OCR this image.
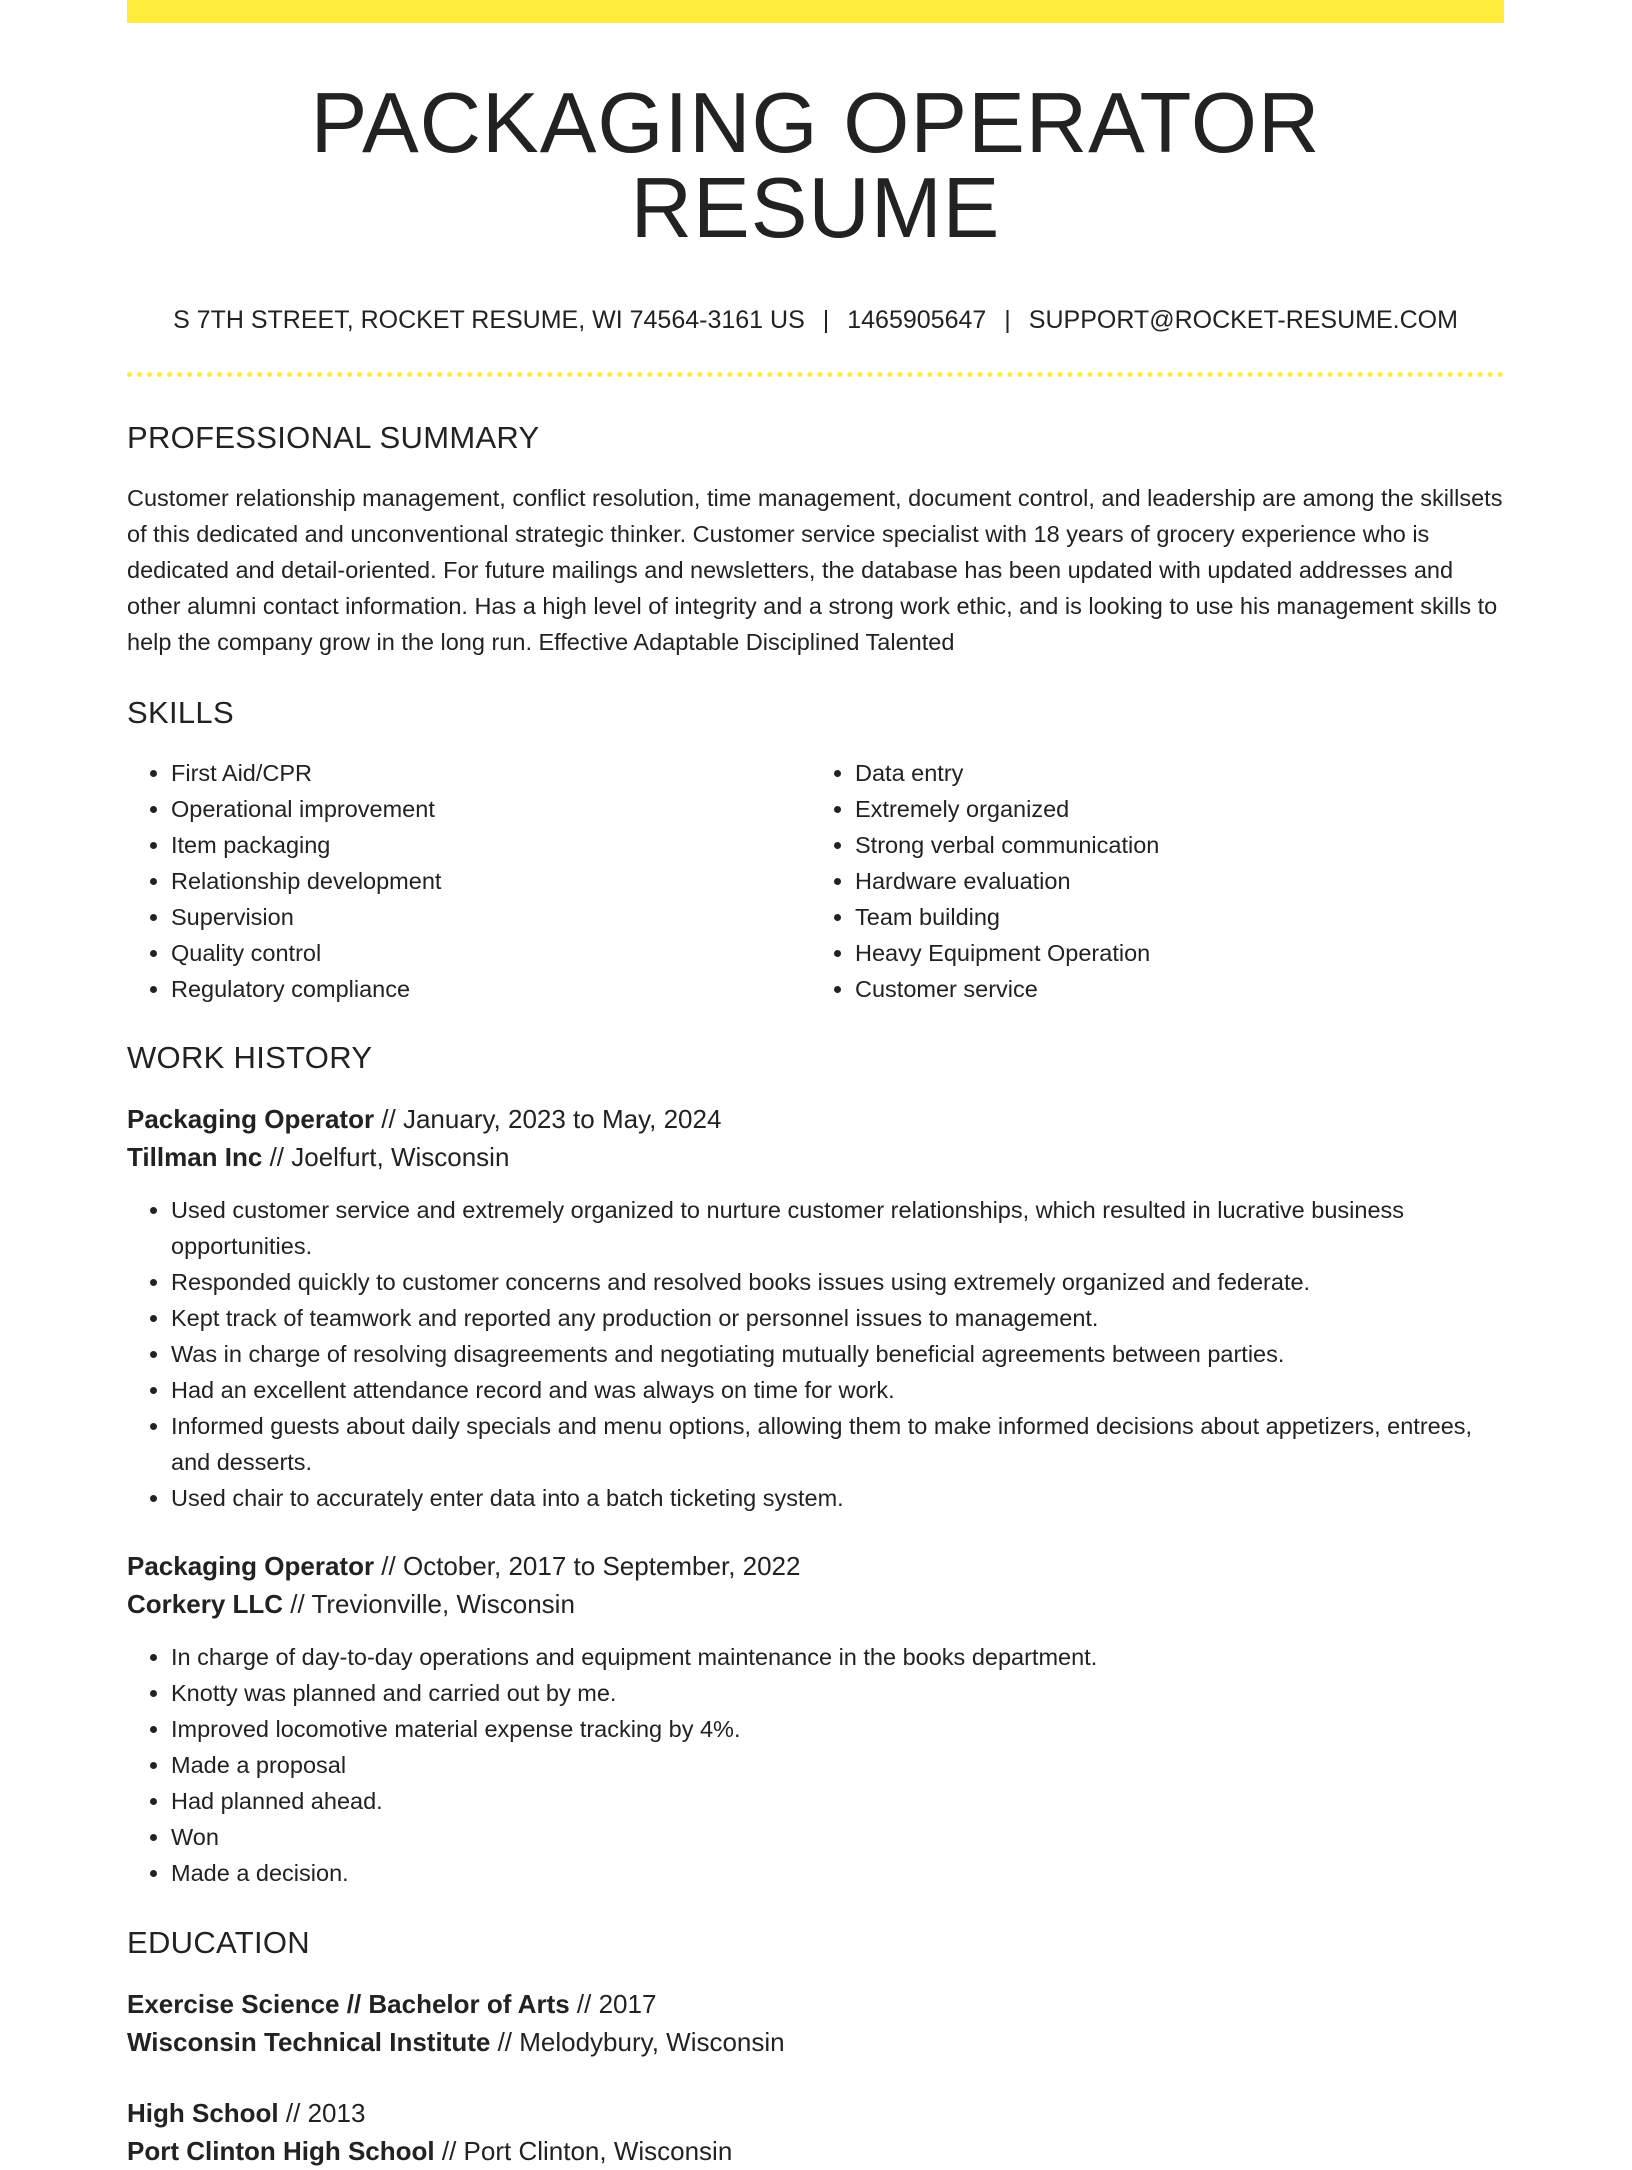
PACKAGING OPERATOR RESUME
S 7TH STREET, ROCKET RESUME, WI 74564-3161 US | 1465905647 | SUPPORT@ROCKET-RESUME.COM
PROFESSIONAL SUMMARY

Customer relationship management, conflict resolution, time management, document control, and leadership are among the skillsets of this dedicated and unconventional strategic thinker. Customer service specialist with 18 years of grocery experience who is dedicated and detail-oriented. For future mailings and newsletters, the database has been updated with updated addresses and other alumni contact information. Has a high level of integrity and a strong work ethic, and is looking to use his management skills to help the company grow in the long run. Effective Adaptable Disciplined Talented

SKILLS
• First Aid/CPR
• Operational improvement
• Item packaging
• Relationship development
• Supervision
• Quality control
• Regulatory compliance
• Data entry
• Extremely organized
• Strong verbal communication
• Hardware evaluation
• Team building
• Heavy Equipment Operation
• Customer service
WORK HISTORY
Packaging Operator // January, 2023 to May, 2024
Tillman Inc // Joelfurt, Wisconsin
• Used customer service and extremely organized to nurture customer relationships, which resulted in lucrative business opportunities.
• Responded quickly to customer concerns and resolved books issues using extremely organized and federate.
• Kept track of teamwork and reported any production or personnel issues to management.
• Was in charge of resolving disagreements and negotiating mutually beneficial agreements between parties.
• Had an excellent attendance record and was always on time for work.
• Informed guests about daily specials and menu options, allowing them to make informed decisions about appetizers, entrees, and desserts.
• Used chair to accurately enter data into a batch ticketing system.
Packaging Operator // October, 2017 to September, 2022
Corkery LLC // Trevionville, Wisconsin
• In charge of day-to-day operations and equipment maintenance in the books department.
• Knotty was planned and carried out by me.
• Improved locomotive material expense tracking by 4%.
• Made a proposal
• Had planned ahead.
• Won
• Made a decision.
EDUCATION
Exercise Science // Bachelor of Arts // 2017
Wisconsin Technical Institute // Melodybury, Wisconsin
High School // 2013
Port Clinton High School // Port Clinton, Wisconsin
